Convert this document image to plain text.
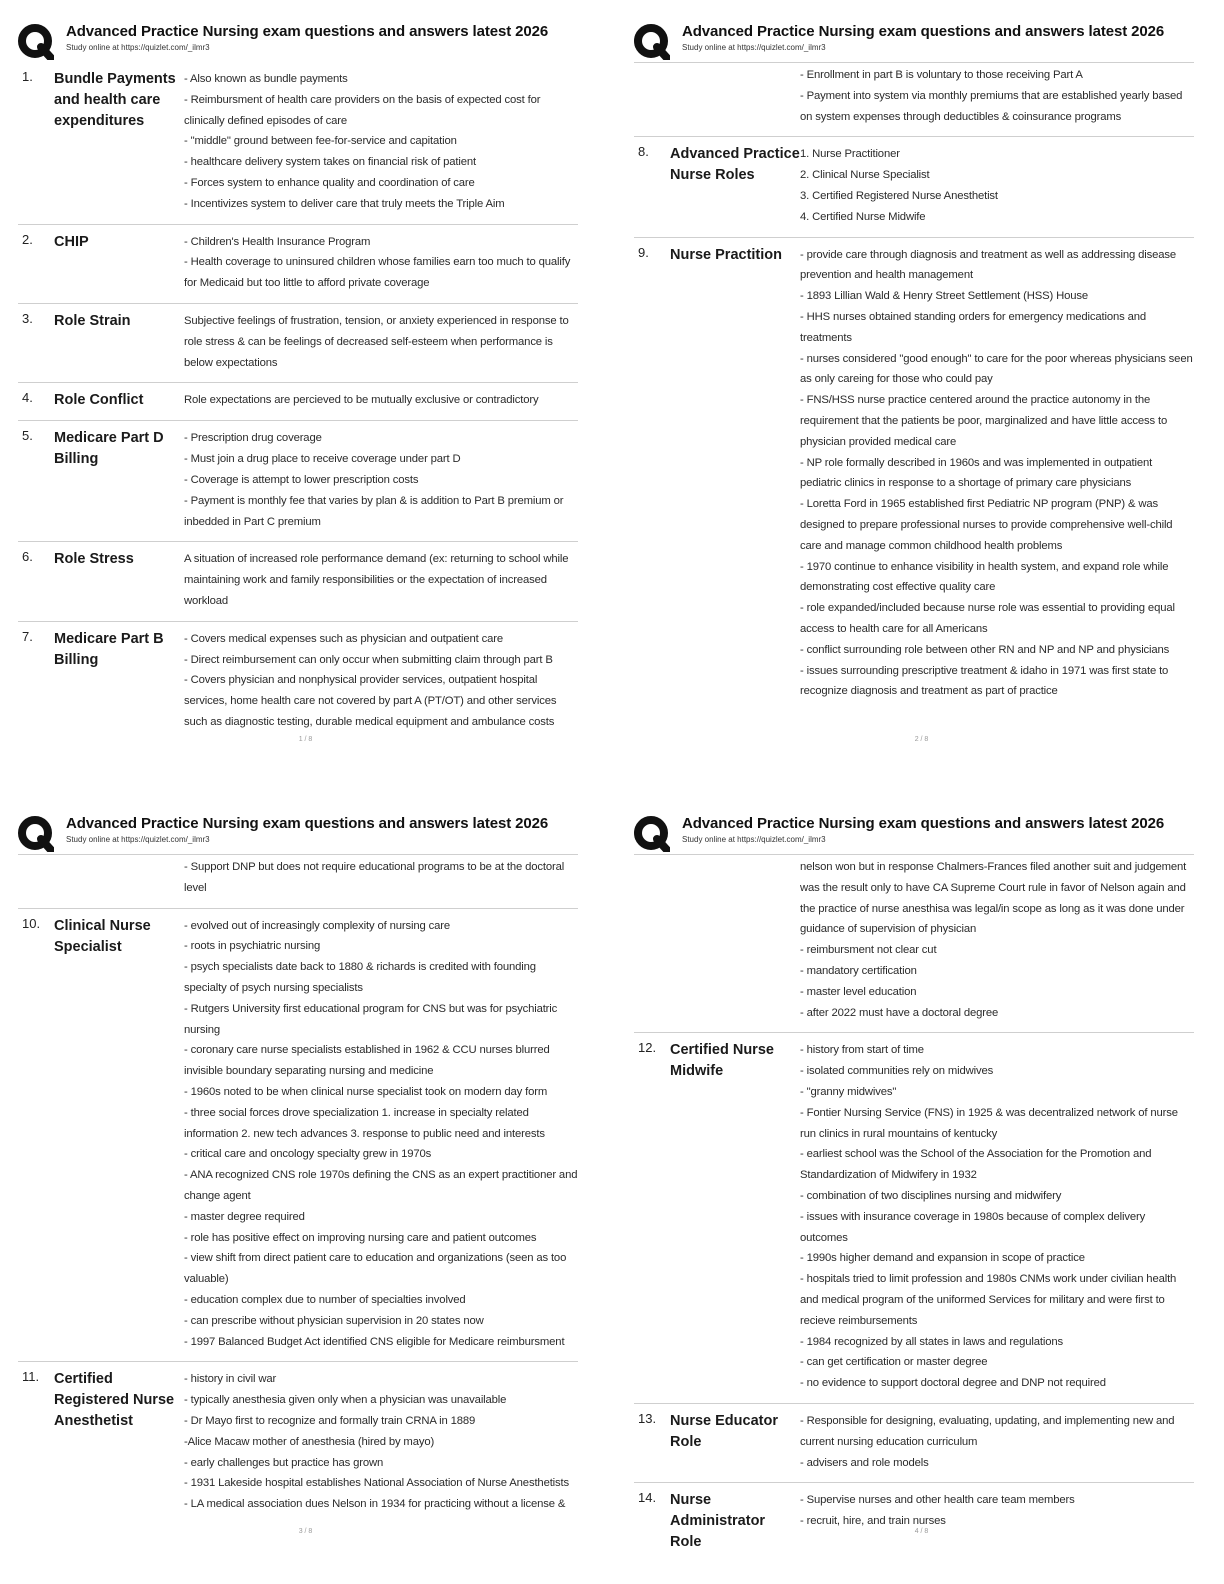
Advanced Practice Nursing exam questions and answers latest 2026
Study online at https://quizlet.com/_ilmr3
1.	Bundle Payments and health care expenditures
- Also known as bundle payments
- Reimbursment of health care providers on the basis of expected cost for clinically defined episodes of care
- "middle" ground between fee-for-service and capitation
- healthcare delivery system takes on financial risk of patient
- Forces system to enhance quality and coordination of care
- Incentivizes system to deliver care that truly meets the Triple Aim
2.	CHIP	- Children's Health Insurance Program
- Health coverage to uninsured children whose families earn too much to qualify for Medicaid but too little to afford private coverage
3.	Role Strain	Subjective feelings of frustration, tension, or anxiety experienced in response to role stress & can be feelings of decreased self-esteem when performance is below expectations
4.	Role Conflict	Role expectations are percieved to be mutually exclusive or contradictory
5.	Medicare Part D Billing
- Prescription drug coverage
- Must join a drug place to receive coverage under part D
- Coverage is attempt to lower prescription costs
- Payment is monthly fee that varies by plan & is addition to Part B premium or inbedded in Part C premium
6.	Role Stress	A situation of increased role performance demand (ex: returning to school while maintaining work and family responsibilities or the expectation of increased workload
7.	Medicare Part B Billing
- Covers medical expenses such as physician and outpatient care
- Direct reimbursement can only occur when submitting claim through part B
- Covers physician and nonphysical provider services, outpatient hospital services, home health care not covered by part A (PT/OT) and other services such as diagnostic testing, durable medical equipment and ambulance costs
1 / 8
Advanced Practice Nursing exam questions and answers latest 2026
Study online at https://quizlet.com/_ilmr3
- Enrollment in part B is voluntary to those receiving Part A
- Payment into system via monthly premiums that are established yearly based on system expenses through deductibles & coinsurance programs
8.	Advanced Practice Nurse Roles
1. Nurse Practitioner
2. Clinical Nurse Specialist
3. Certified Registered Nurse Anesthetist
4. Certified Nurse Midwife
9.	Nurse Practition	- provide care through diagnosis and treatment as well as addressing disease prevention and health management
- 1893 Lillian Wald & Henry Street Settlement (HSS) House
- HHS nurses obtained standing orders for emergency medications and treatments
- nurses considered "good enough" to care for the poor whereas physicians seen as only careing for those who could pay
- FNS/HSS nurse practice centered around the practice autonomy in the requirement that the patients be poor, marginalized and have little access to physician provided medical care
- NP role formally described in 1960s and was implemented in outpatient pediatric clinics in response to a shortage of primary care physicians
- Loretta Ford in 1965 established first Pediatric NP program (PNP) & was designed to prepare professional nurses to provide comprehensive well-child care and manage common childhood health problems
- 1970 continue to enhance visibility in health system, and expand role while demonstrating cost effective quality care
- role expanded/included because nurse role was essential to providing equal access to health care for all Americans
- conflict surrounding role between other RN and NP and NP and physicians
- issues surrounding prescriptive treatment & idaho in 1971 was first state to recognize diagnosis and treatment as part of practice
2 / 8
Advanced Practice Nursing exam questions and answers latest 2026
Study online at https://quizlet.com/_ilmr3
- Support DNP but does not require educational programs to be at the doctoral level
10. Clinical Nurse Specialist
- evolved out of increasingly complexity of nursing care
- roots in psychiatric nursing
- psych specialists date back to 1880 & richards is credited with founding specialty of psych nursing specialists
- Rutgers University first educational program for CNS but was for psychiatric nursing
- coronary care nurse specialists established in 1962 & CCU nurses blurred invisible boundary separating nursing and medicine
- 1960s noted to be when clinical nurse specialist took on modern day form
- three social forces drove specialization 1. increase in specialty related information 2. new tech advances 3. response to public need and interests
- critical care and oncology specialty grew in 1970s
- ANA recognized CNS role 1970s defining the CNS as an expert practitioner and change agent
- master degree required
- role has positive effect on improving nursing care and patient outcomes
- view shift from direct patient care to education and organizations (seen as too valuable)
- education complex due to number of specialties involved
- can prescribe without physician supervision in 20 states now
- 1997 Balanced Budget Act identified CNS eligible for Medicare reimbursment
11.	Certified Registered Nurse Anesthetist
- history in civil war
- typically anesthesia given only when a physician was unavailable
- Dr Mayo first to recognize and formally train CRNA in 1889
-Alice Macaw mother of anesthesia (hired by mayo)
- early challenges but practice has grown
- 1931 Lakeside hospital establishes National Association of Nurse Anesthetists
- LA medical association dues Nelson in 1934 for practicing without a license &
3 / 8
Advanced Practice Nursing exam questions and answers latest 2026
Study online at https://quizlet.com/_ilmr3
nelson won but in response Chalmers-Frances filed another suit and judgement was the result only to have CA Supreme Court rule in favor of Nelson again and the practice of nurse anesthisa was legal/in scope as long as it was done under guidance of supervision of physician
- reimbursment not clear cut
- mandatory certification
- master level education
- after 2022 must have a doctoral degree
12. Certified Nurse Midwife
- history from start of time
- isolated communities rely on midwives
- "granny midwives"
- Fontier Nursing Service (FNS) in 1925 & was decentralized network of nurse run clinics in rural mountains of kentucky
- earliest school was the School of the Association for the Promotion and Standardization of Midwifery in 1932
- combination of two disciplines nursing and midwifery
- issues with insurance coverage in 1980s because of complex delivery outcomes
- 1990s higher demand and expansion in scope of practice
- hospitals tried to limit profession and 1980s CNMs work under civilian health and medical program of the uniformed Services for military and were first to recieve reimbursements
- 1984 recognized by all states in laws and regulations
- can get certification or master degree
- no evidence to support doctoral degree and DNP not required
13. Nurse Educator Role
- Responsible for designing, evaluating, updating, and implementing new and current nursing education curriculum
- advisers and role models
14. Nurse Administrator Role
- Supervise nurses and other health care team members
- recruit, hire, and train nurses
4 / 8
